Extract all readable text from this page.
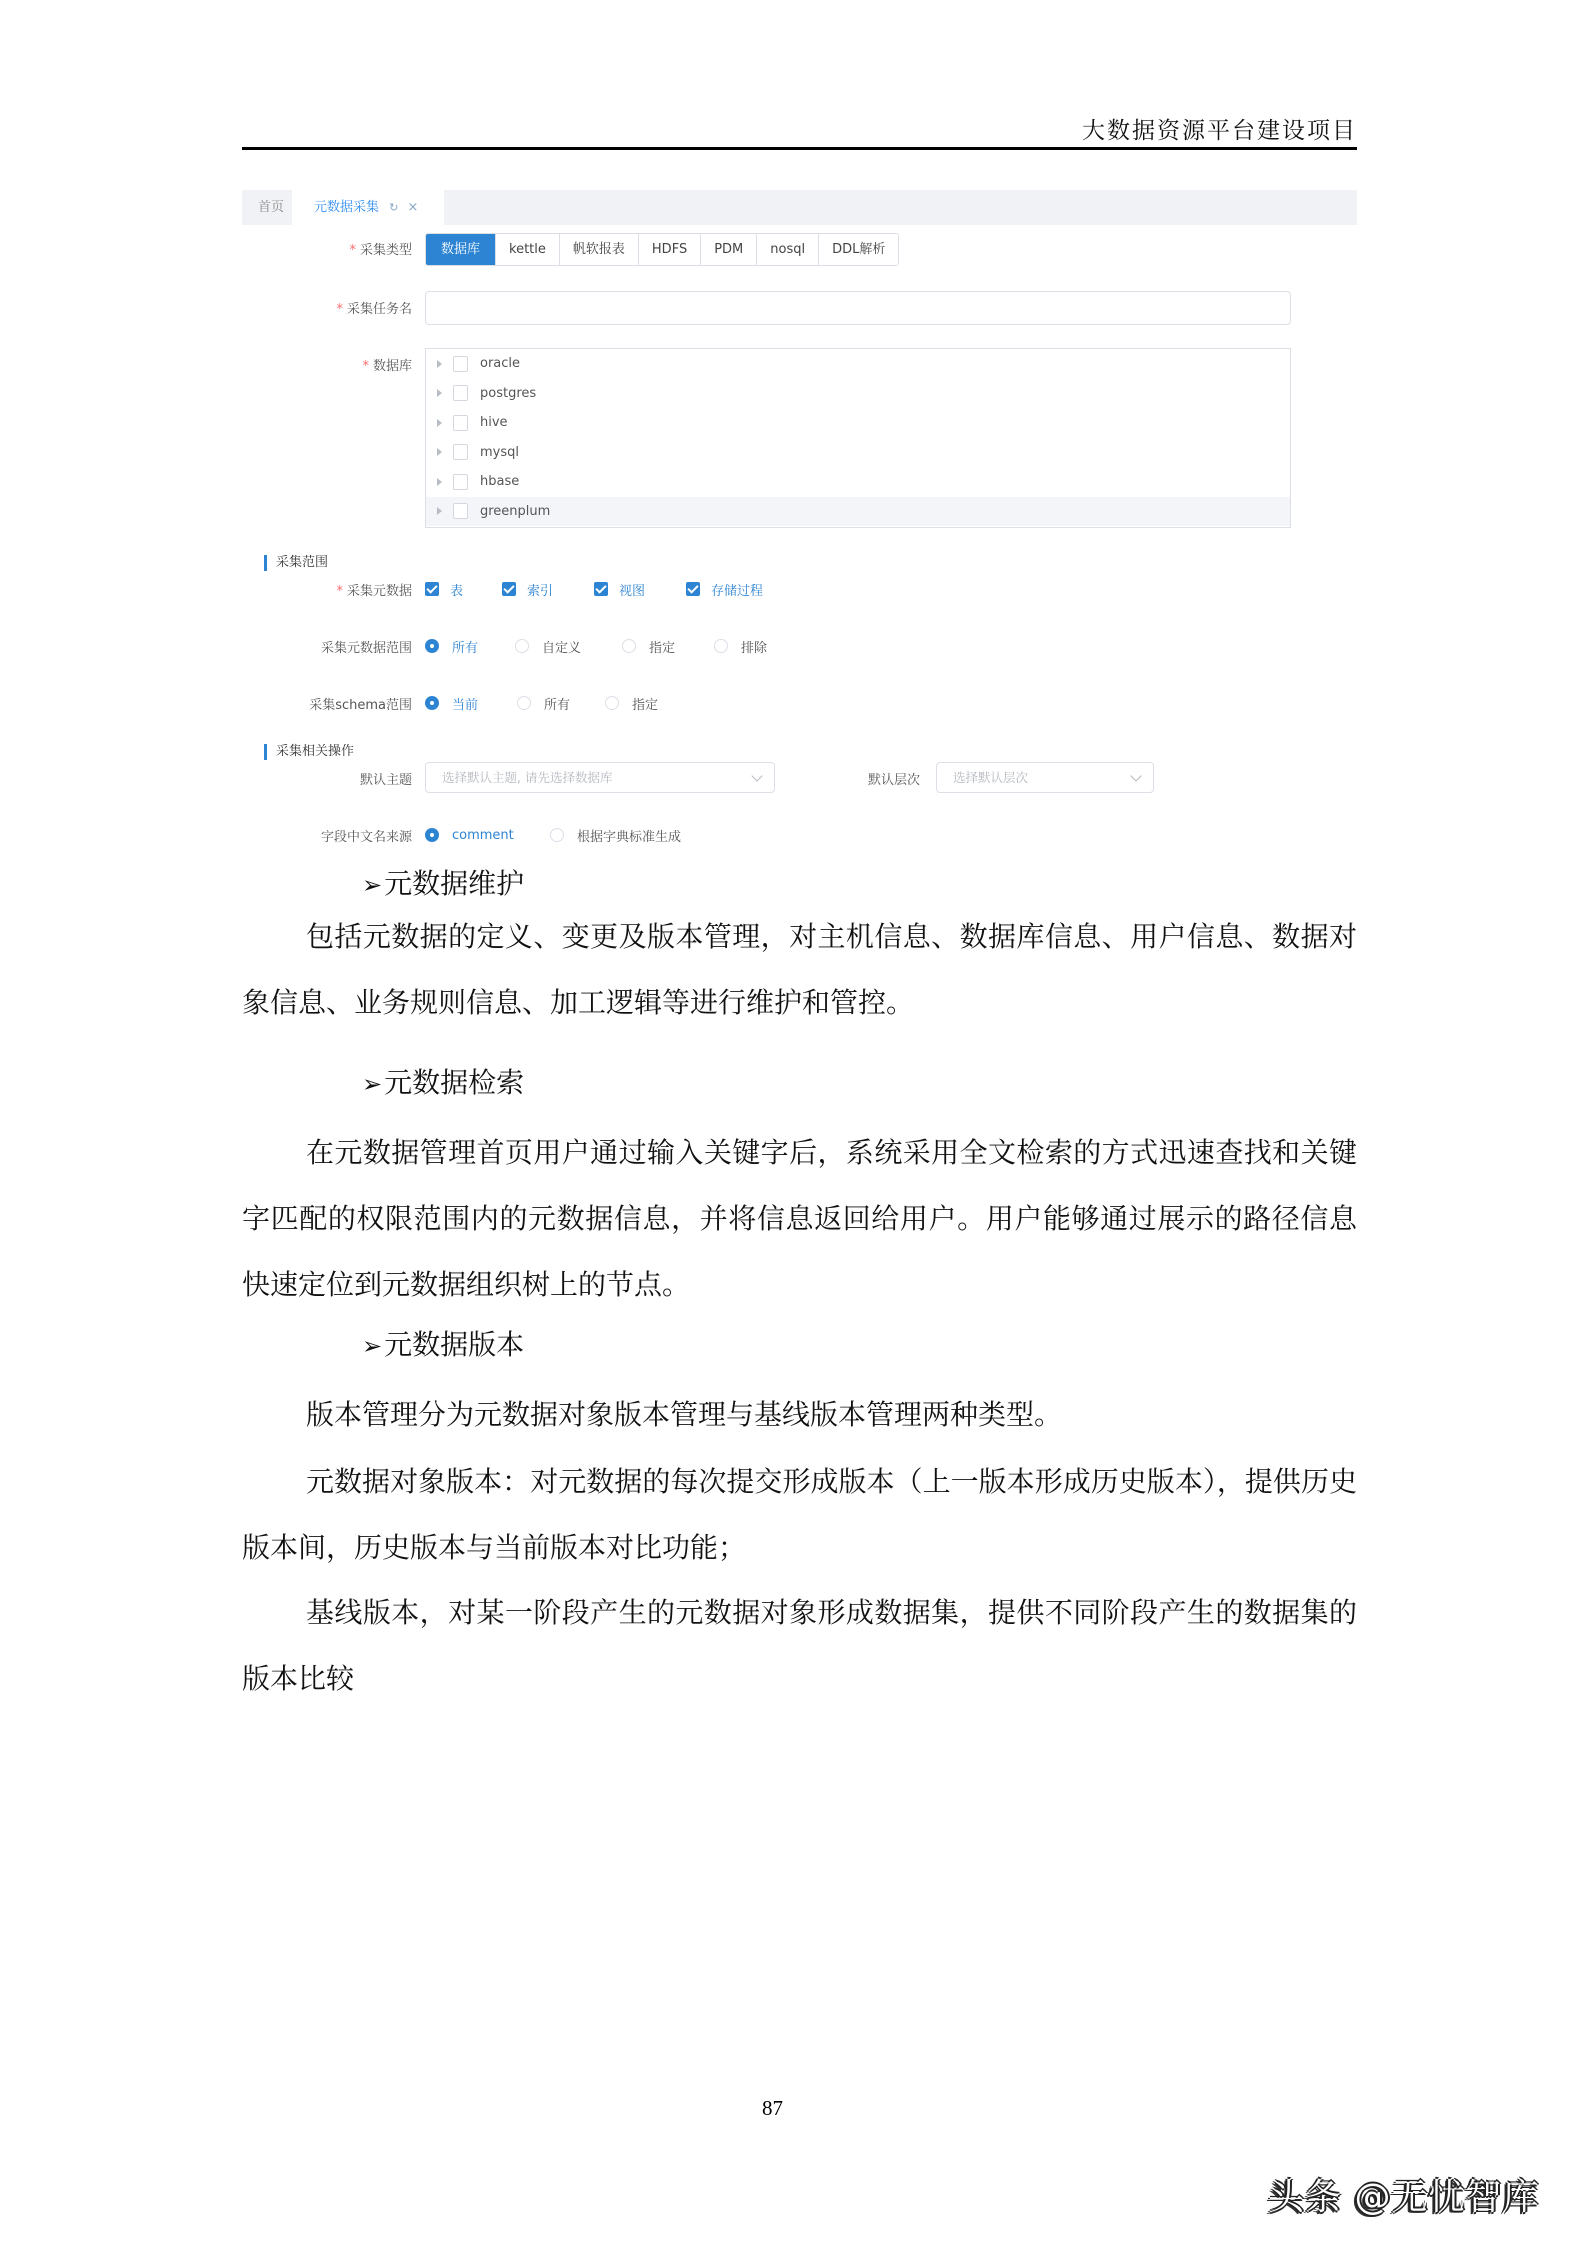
大数据资源平台建设项目
首页	元数据采集 ↻ ×
* 采集类型	数据库	kettle	帆软报表	HDFS	PDM	nosql	DDL解析
* 采集任务名
* 数据库	oracle
postgres
hive
mysql
hbase
greenplum
采集范围
* 采集元数据	表	索引	视图	存储过程
采集元数据范围	所有	自定义	指定	排除
采集schema范围	当前	所有	指定
采集相关操作
默认主题 选择默认主题, 请先选择数据库	默认层次	选择默认层次
字段中文名来源	comment	根据字典标准生成
➢元数据维护

包括元数据的定义、变更及版本管理，对主机信息、数据库信息、用户信息、数据对象信息、业务规则信息、加工逻辑等进行维护和管控。

➢元数据检索

在元数据管理首页用户通过输入关键字后，系统采用全文检索的方式迅速查找和关键字匹配的权限范围内的元数据信息，并将信息返回给用户。用户能够通过展示的路径信息快速定位到元数据组织树上的节点。

➢元数据版本

版本管理分为元数据对象版本管理与基线版本管理两种类型。

元数据对象版本：对元数据的每次提交形成版本（上一版本形成历史版本），提供历史版本间，历史版本与当前版本对比功能；

基线版本，对某一阶段产生的元数据对象形成数据集，提供不同阶段产生的数据集的版本比较

87
头条 @无忧智库
